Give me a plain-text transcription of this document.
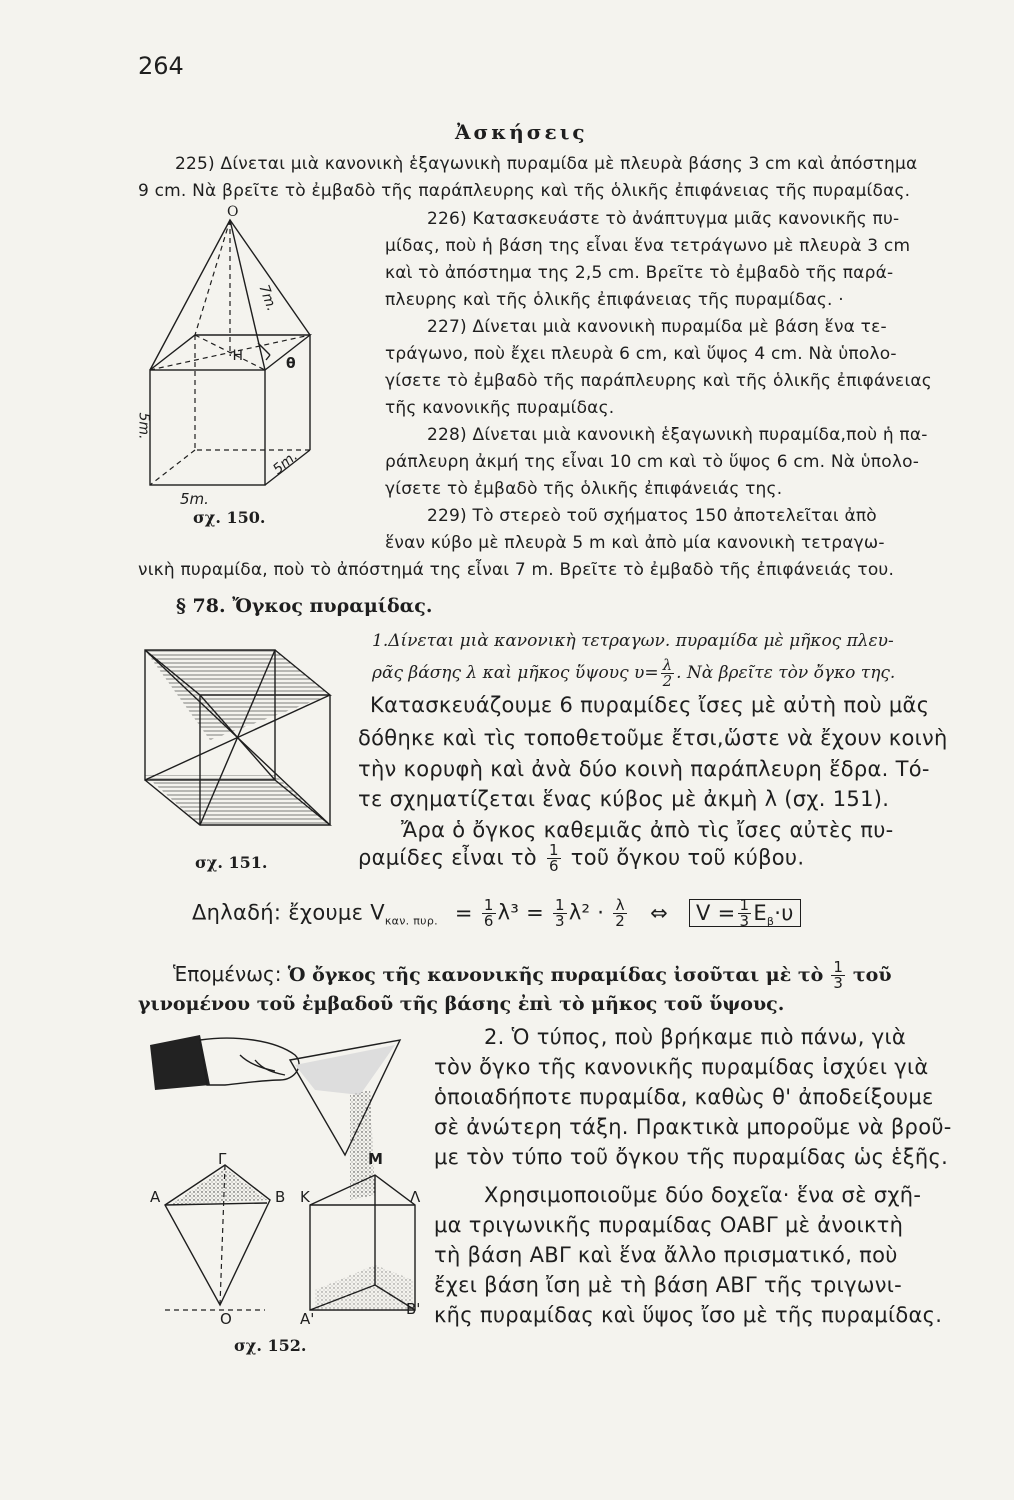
264
Ἀσκήσεις
225) Δίνεται μιὰ κανονικὴ ἑξαγωνικὴ πυραμίδα μὲ πλευρὰ βάσης 3 cm καὶ ἀπόστημα
9 cm. Νὰ βρεῖτε τὸ ἐμβαδὸ τῆς παράπλευρης καὶ τῆς ὁλικῆς ἐπιφάνειας τῆς πυραμίδας.
226) Κατασκευάστε τὸ ἀνάπτυγμα μιᾶς κανονικῆς πυ-
μίδας, ποὺ ἡ βάση της εἶναι ἕνα τετράγωνο μὲ πλευρὰ 3 cm
καὶ τὸ ἀπόστημα της 2,5 cm. Βρεῖτε τὸ ἐμβαδὸ τῆς παρά-
πλευρης καὶ τῆς ὁλικῆς ἐπιφάνειας τῆς πυραμίδας. ·
227) Δίνεται μιὰ κανονικὴ πυραμίδα μὲ βάση ἕνα τε-
τράγωνο, ποὺ ἔχει πλευρὰ 6 cm, καὶ ὕψος 4 cm. Νὰ ὑπολο-
γίσετε τὸ ἐμβαδὸ τῆς παράπλευρης καὶ τῆς ὁλικῆς ἐπιφάνειας
τῆς κανονικῆς πυραμίδας.
228) Δίνεται μιὰ κανονικὴ ἑξαγωνικὴ πυραμίδα,ποὺ ἡ πα-
ράπλευρη ἀκμή της εἶναι 10 cm καὶ τὸ ὕψος 6 cm. Νὰ ὑπολο-
γίσετε τὸ ἐμβαδὸ τῆς ὁλικῆς ἐπιφάνειάς της.
229) Τὸ στερεὸ τοῦ σχήματος 150 ἀποτελεῖται ἀπὸ
ἕναν κύβο μὲ πλευρὰ 5 m καὶ ἀπὸ μία κανονικὴ τετραγω-
νικὴ πυραμίδα, ποὺ τὸ ἀπόστημά της εἶναι 7 m. Βρεῖτε τὸ ἐμβαδὸ τῆς ἐπιφάνειάς του.
Ο
·Η	θ
7m.
5m.
5m.
5m.
σχ. 150.
§ 78. Ὄγκος πυραμίδας.
1.Δίνεται μιὰ κανονικὴ τετραγων. πυραμίδα μὲ μῆκος πλευ-
ρᾶς βάσης λ καὶ μῆκος ὕψους $\upsilon= \frac{\lambda}{2}$ . Νὰ βρεῖτε τὸν ὄγκο της.
σχ. 151.
Κατασκευάζουμε 6 πυραμίδες ἴσες μὲ αὐτὴ ποὺ μᾶς
δόθηκε καὶ τὶς τοποθετοῦμε ἔτσι,ὥστε νὰ ἔχουν κοινὴ
τὴν κορυφὴ καὶ ἀνὰ δύο κοινὴ παράπλευρη ἕδρα. Τό-
τε σχηματίζεται ἕνας κύβος μὲ ἀκμὴ λ (σχ. 151).
Ἄρα ὁ ὄγκος καθεμιᾶς ἀπὸ τὶς ἴσες αὐτὲς πυ-
ραμίδες εἶναι τὸ $\frac{1}{6}$ τοῦ ὄγκου τοῦ κύβου.
Δηλαδή: ἔχουμε $V_{\kappa\alpha\nu. \pi\upsilon\rho.} = \frac{1}{6} \lambda^3 = \frac{1}{3} \lambda^2 \cdot \frac{\lambda}{2}$ ⇔ $V = \frac{1}{3} E_\beta\cdot\upsilon$
Ἑπομένως: Ὁ ὄγκος τῆς κανονικῆς πυραμίδας ἰσοῦται μὲ τὸ $\frac{1}{3}$ τοῦ
γινομένου τοῦ ἐμβαδοῦ τῆς βάσης ἐπὶ τὸ μῆκος τοῦ ὕψους.
2. Ὁ τύπος, ποὺ βρήκαμε πιὸ πάνω, γιὰ
τὸν ὄγκο τῆς κανονικῆς πυραμίδας ἰσχύει γιὰ
ὁποιαδήποτε πυραμίδα, καθὼς θ' ἀποδείξουμε
σὲ ἀνώτερη τάξη. Πρακτικὰ μποροῦμε νὰ βροῦ-
με τὸν τύπο τοῦ ὄγκου τῆς πυραμίδας ὡς ἑξῆς.
Χρησιμοποιοῦμε δύο δοχεῖα· ἕνα σὲ σχῆ-
μα τριγωνικῆς πυραμίδας ΟΑΒΓ μὲ ἀνοικτὴ
τὴ βάση ΑΒΓ καὶ ἕνα ἄλλο πρισματικό, ποὺ
ἔχει βάση ἴση μὲ τὴ βάση ΑΒΓ τῆς τριγωνι-
κῆς πυραμίδας καὶ ὕψος ἴσο μὲ τῆς πυραμίδας.
Γ
Α	Β Κ	Λ
Μ
Ο	Α'
Β'
σχ. 152.
